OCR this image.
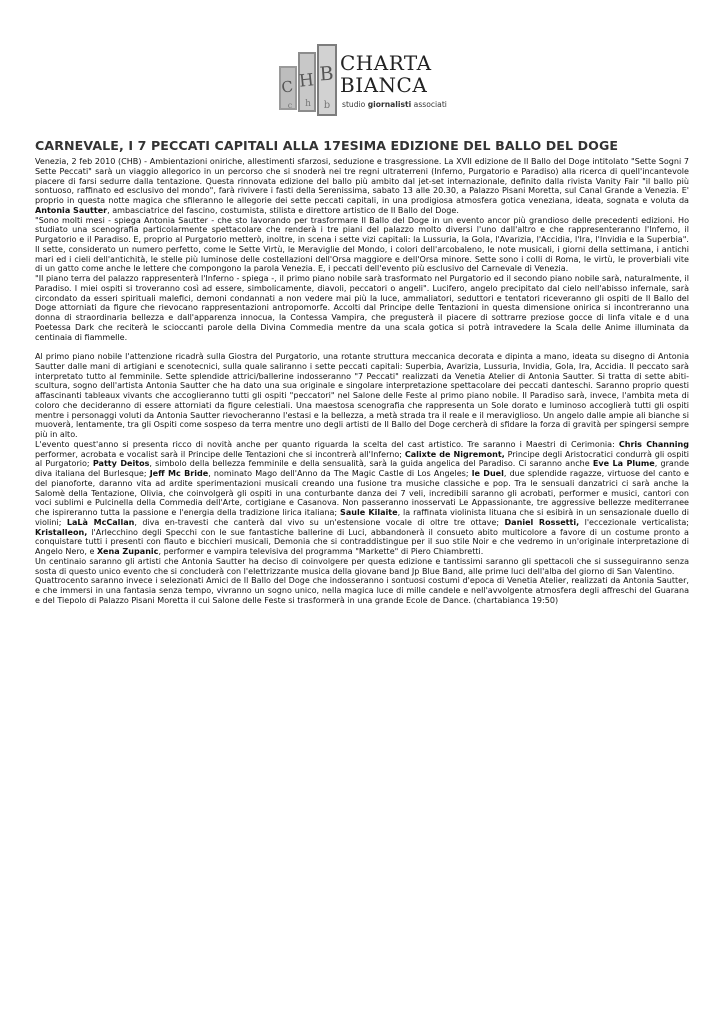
C H B
c h b
CHARTA
BIANCA
studio giornalisti associati
CARNEVALE, I 7 PECCATI CAPITALI ALLA 17ESIMA EDIZIONE DEL BALLO DEL DOGE

Venezia, 2 feb 2010 (CHB) - Ambientazioni oniriche, allestimenti sfarzosi, seduzione e trasgressione. La XVII edizione de Il Ballo del Doge intitolato "Sette Sogni 7 Sette Peccati" sarà un viaggio allegorico in un percorso che si snoderà nei tre regni ultraterreni (Inferno, Purgatorio e Paradiso) alla ricerca di quell'incantevole piacere di farsi sedurre dalla tentazione. Questa rinnovata edizione del ballo più ambito dal jet-set internazionale, definito dalla rivista Vanity Fair "il ballo più sontuoso, raffinato ed esclusivo del mondo", farà rivivere i fasti della Serenissima, sabato 13 alle 20.30, a Palazzo Pisani Moretta, sul Canal Grande a Venezia. E' proprio in questa notte magica che sfileranno le allegorie dei sette peccati capitali, in una prodigiosa atmosfera gotica veneziana, ideata, sognata e voluta da Antonia Sautter, ambasciatrice del fascino, costumista, stilista e direttore artistico de Il Ballo del Doge.

"Sono molti mesi - spiega Antonia Sautter - che sto lavorando per trasformare Il Ballo del Doge in un evento ancor più grandioso delle precedenti edizioni. Ho studiato una scenografia particolarmente spettacolare che renderà i tre piani del palazzo molto diversi l'uno dall'altro e che rappresenteranno l'Inferno, il Purgatorio e il Paradiso. E, proprio al Purgatorio metterò, inoltre, in scena i sette vizi capitali: la Lussuria, la Gola, l'Avarizia, l'Accidia, l'Ira, l'Invidia e la Superbia". Il sette, considerato un numero perfetto, come le Sette Virtù, le Meraviglie del Mondo, i colori dell'arcobaleno, le note musicali, i giorni della settimana, i antichi mari ed i cieli dell'antichità, le stelle più luminose delle costellazioni dell'Orsa maggiore e dell'Orsa minore. Sette sono i colli di Roma, le virtù, le proverbiali vite di un gatto come anche le lettere che compongono la parola Venezia. E, i peccati dell'evento più esclusivo del Carnevale di Venezia.

"Il piano terra del palazzo rappresenterà l'Inferno - spiega -, il primo piano nobile sarà trasformato nel Purgatorio ed il secondo piano nobile sarà, naturalmente, il Paradiso. I miei ospiti si troveranno così ad essere, simbolicamente, diavoli, peccatori o angeli". Lucifero, angelo precipitato dal cielo nell'abisso infernale, sarà circondato da esseri spirituali malefici, demoni condannati a non vedere mai più la luce, ammaliatori, seduttori e tentatori riceveranno gli ospiti de Il Ballo del Doge attorniati da figure che rievocano rappresentazioni antropomorfe. Accolti dal Principe delle Tentazioni in questa dimensione onirica si incontreranno una donna di straordinaria bellezza e dall'apparenza innocua, la Contessa Vampira, che pregusterà il piacere di sottrarre preziose gocce di linfa vitale e d una Poetessa Dark che reciterà le scioccanti parole della Divina Commedia mentre da una scala gotica si potrà intravedere la Scala delle Anime illuminata da centinaia di fiammelle.

Al primo piano nobile l'attenzione ricadrà sulla Giostra del Purgatorio, una rotante struttura meccanica decorata e dipinta a mano, ideata su disegno di Antonia Sautter dalle mani di artigiani e scenotecnici, sulla quale saliranno i sette peccati capitali: Superbia, Avarizia, Lussuria, Invidia, Gola, Ira, Accidia. Il peccato sarà interpretato tutto al femminile. Sette splendide attrici/ballerine indosseranno "7 Peccati" realizzati da Venetia Atelier di Antonia Sautter. Si tratta di sette abiti-scultura, sogno dell'artista Antonia Sautter che ha dato una sua originale e singolare interpretazione spettacolare dei peccati danteschi. Saranno proprio questi affascinanti tableaux vivants che accoglieranno tutti gli ospiti "peccatori" nel Salone delle Feste al primo piano nobile. Il Paradiso sarà, invece, l'ambita meta di coloro che decideranno di essere attorniati da figure celestiali. Una maestosa scenografia che rappresenta un Sole dorato e luminoso accoglierà tutti gli ospiti mentre i personaggi voluti da Antonia Sautter rievocheranno l'estasi e la bellezza, a metà strada tra il reale e il meraviglioso. Un angelo dalle ampie ali bianche si muoverà, lentamente, tra gli Ospiti come sospeso da terra mentre uno degli artisti de Il Ballo del Doge cercherà di sfidare la forza di gravità per spingersi sempre più in alto.

L'evento quest'anno si presenta ricco di novità anche per quanto riguarda la scelta del cast artistico. Tre saranno i Maestri di Cerimonia: Chris Channing performer, acrobata e vocalist sarà il Principe delle Tentazioni che si incontrerà all'Inferno; Calixte de Nigremont, Principe degli Aristocratici condurrà gli ospiti al Purgatorio; Patty Deitos, simbolo della bellezza femminile e della sensualità, sarà la guida angelica del Paradiso. Ci saranno anche Eve La Plume, grande diva italiana del Burlesque; Jeff Mc Bride, nominato Mago dell'Anno da The Magic Castle di Los Angeles; le Duel, due splendide ragazze, virtuose del canto e del pianoforte, daranno vita ad ardite sperimentazioni musicali creando una fusione tra musiche classiche e pop. Tra le sensuali danzatrici ci sarà anche la Salomè della Tentazione, Olivia, che coinvolgerà gli ospiti in una conturbante danza dei 7 veli, incredibili saranno gli acrobati, performer e musici, cantori con voci sublimi e Pulcinella della Commedia dell'Arte, cortigiane e Casanova. Non passeranno inosservati Le Appassionante, tre aggressive bellezze mediterranee che ispireranno tutta la passione e l'energia della tradizione lirica italiana; Saule Kilaite, la raffinata violinista lituana che si esibirà in un sensazionale duello di violini; LaLà McCallan, diva en-travesti che canterà dal vivo su un'estensione vocale di oltre tre ottave; Daniel Rossetti, l'eccezionale verticalista; Kristalleon, l'Arlecchino degli Specchi con le sue fantastiche ballerine di Luci, abbandonerà il consueto abito multicolore a favore di un costume pronto a conquistare tutti i presenti con flauto e bicchieri musicali, Demonia che si contraddistingue per il suo stile Noir e che vedremo in un'originale interpretazione di Angelo Nero, e Xena Zupanic, performer e vampira televisiva del programma "Markette" di Piero Chiambretti.

Un centinaio saranno gli artisti che Antonia Sautter ha deciso di coinvolgere per questa edizione e tantissimi saranno gli spettacoli che si susseguiranno senza sosta di questo unico evento che si concluderà con l'elettrizzante musica della giovane band Jp Blue Band, alle prime luci dell'alba del giorno di San Valentino.

Quattrocento saranno invece i selezionati Amici de Il Ballo del Doge che indosseranno i sontuosi costumi d'epoca di Venetia Atelier, realizzati da Antonia Sautter, e che immersi in una fantasia senza tempo, vivranno un sogno unico, nella magica luce di mille candele e nell'avvolgente atmosfera degli affreschi del Guarana e del Tiepolo di Palazzo Pisani Moretta il cui Salone delle Feste si trasformerà in una grande Ecole de Dance. (chartabianca 19:50)
